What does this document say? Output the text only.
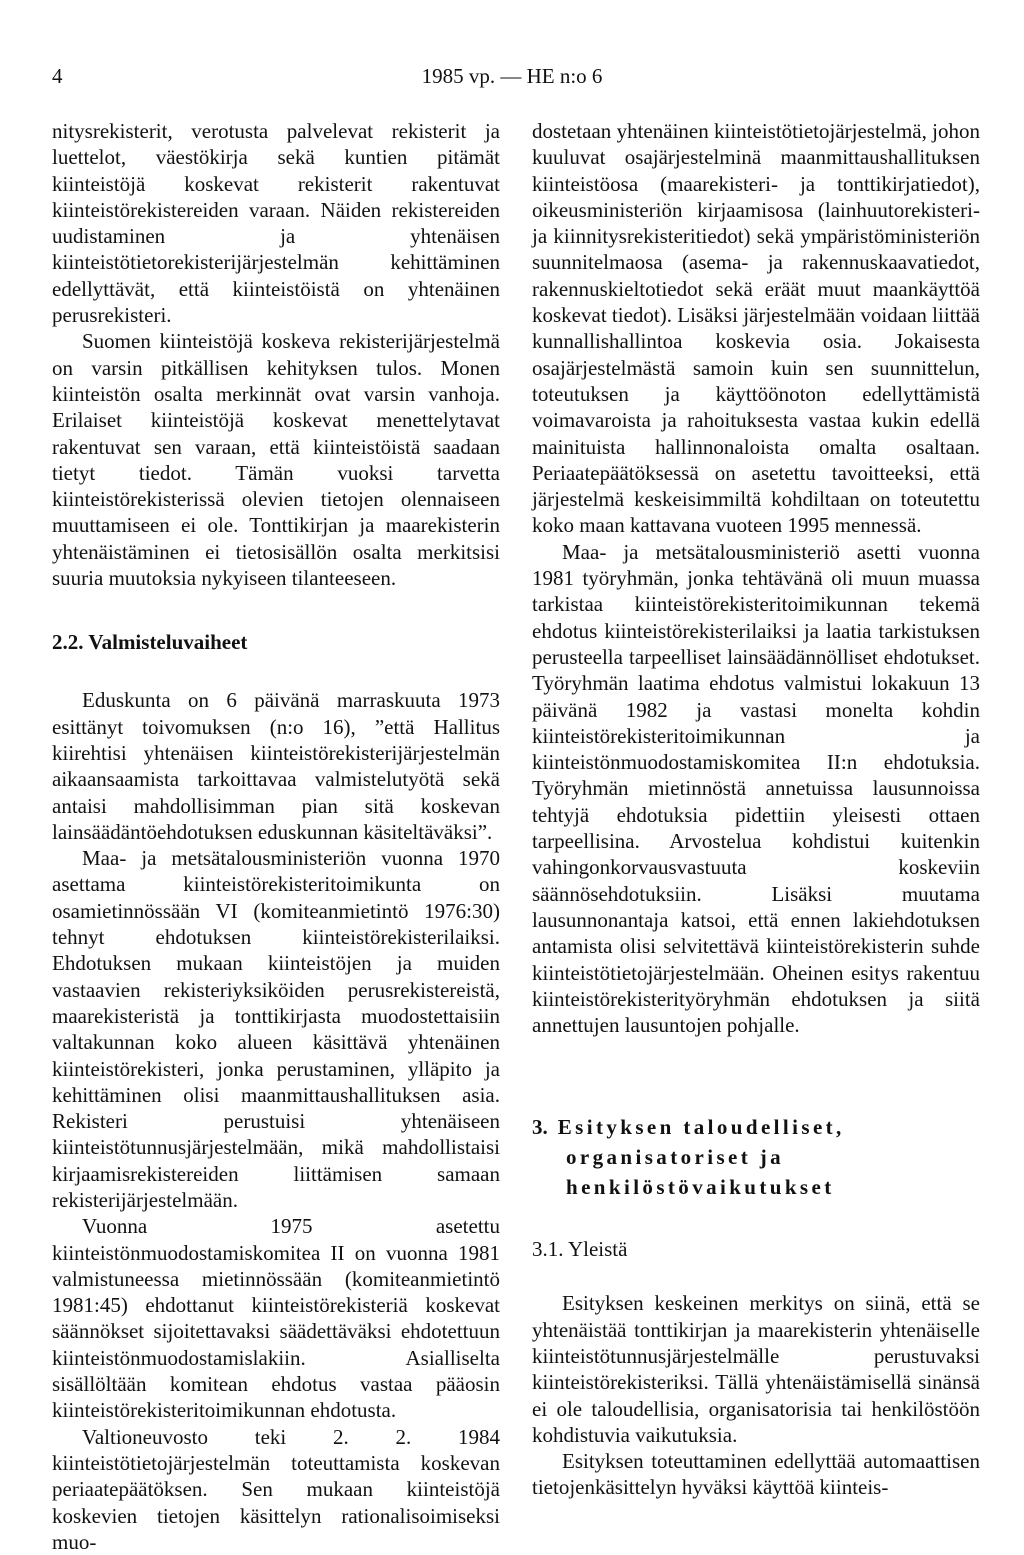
4	1985 vp. — HE n:o 6

nitysrekisterit, verotusta palvelevat rekisterit ja luettelot, väestökirja sekä kuntien pitämät kiinteistöjä koskevat rekisterit rakentuvat kiinteistörekistereiden varaan. Näiden rekistereiden uudistaminen ja yhtenäisen kiinteistötietorekisterijärjestelmän kehittäminen edellyttävät, että kiinteistöistä on yhtenäinen perusrekisteri.

Suomen kiinteistöjä koskeva rekisterijärjestelmä on varsin pitkällisen kehityksen tulos. Monen kiinteistön osalta merkinnät ovat varsin vanhoja. Erilaiset kiinteistöjä koskevat menettelytavat rakentuvat sen varaan, että kiinteistöistä saadaan tietyt tiedot. Tämän vuoksi tarvetta kiinteistörekisterissä olevien tietojen olennaiseen muuttamiseen ei ole. Tonttikirjan ja maarekisterin yhtenäistäminen ei tietosisällön osalta merkitsisi suuria muutoksia nykyiseen tilanteeseen.

2.2. Valmisteluvaiheet

Eduskunta on 6 päivänä marraskuuta 1973 esittänyt toivomuksen (n:o 16), ”että Hallitus kiirehtisi yhtenäisen kiinteistörekisterijärjestelmän aikaansaamista tarkoittavaa valmistelutyötä sekä antaisi mahdollisimman pian sitä koskevan lainsäädäntöehdotuksen eduskunnan käsiteltäväksi”.

Maa- ja metsätalousministeriön vuonna 1970 asettama kiinteistörekisteritoimikunta on osamietinnössään VI (komiteanmietintö 1976:30) tehnyt ehdotuksen kiinteistörekisterilaiksi. Ehdotuksen mukaan kiinteistöjen ja muiden vastaavien rekisteriyksiköiden perusrekistereistä, maarekisteristä ja tonttikirjasta muodostettaisiin valtakunnan koko alueen käsittävä yhtenäinen kiinteistörekisteri, jonka perustaminen, ylläpito ja kehittäminen olisi maanmittaushallituksen asia. Rekisteri perustuisi yhtenäiseen kiinteistötunnusjärjestelmään, mikä mahdollistaisi kirjaamisrekistereiden liittämisen samaan rekisterijärjestelmään.

Vuonna 1975 asetettu kiinteistönmuodostamiskomitea II on vuonna 1981 valmistuneessa mietinnössään (komiteanmietintö 1981:45) ehdottanut kiinteistörekisteriä koskevat säännökset sijoitettavaksi säädettäväksi ehdotettuun kiinteistönmuodostamislakiin. Asialliselta sisällöltään komitean ehdotus vastaa pääosin kiinteistörekisteritoimikunnan ehdotusta.

Valtioneuvosto teki 2. 2. 1984 kiinteistötietojärjestelmän toteuttamista koskevan periaatepäätöksen. Sen mukaan kiinteistöjä koskevien tietojen käsittelyn rationalisoimiseksi muo-

dostetaan yhtenäinen kiinteistötietojärjestelmä, johon kuuluvat osajärjestelminä maanmittaushallituksen kiinteistöosa (maarekisteri- ja tonttikirjatiedot), oikeusministeriön kirjaamisosa (lainhuutorekisteri- ja kiinnitysrekisteritiedot) sekä ympäristöministeriön suunnitelmaosa (asema- ja rakennuskaavatiedot, rakennuskieltotiedot sekä eräät muut maankäyttöä koskevat tiedot). Lisäksi järjestelmään voidaan liittää kunnallishallintoa koskevia osia. Jokaisesta osajärjestelmästä samoin kuin sen suunnittelun, toteutuksen ja käyttöönoton edellyttämistä voimavaroista ja rahoituksesta vastaa kukin edellä mainituista hallinnonaloista omalta osaltaan. Periaatepäätöksessä on asetettu tavoitteeksi, että järjestelmä keskeisimmiltä kohdiltaan on toteutettu koko maan kattavana vuoteen 1995 mennessä.

Maa- ja metsätalousministeriö asetti vuonna 1981 työryhmän, jonka tehtävänä oli muun muassa tarkistaa kiinteistörekisteritoimikunnan tekemä ehdotus kiinteistörekisterilaiksi ja laatia tarkistuksen perusteella tarpeelliset lainsäädännölliset ehdotukset. Työryhmän laatima ehdotus valmistui lokakuun 13 päivänä 1982 ja vastasi monelta kohdin kiinteistörekisteritoimikunnan ja kiinteistönmuodostamiskomitea II:n ehdotuksia. Työryhmän mietinnöstä annetuissa lausunnoissa tehtyjä ehdotuksia pidettiin yleisesti ottaen tarpeellisina. Arvostelua kohdistui kuitenkin vahingonkorvausvastuuta koskeviin säännösehdotuksiin. Lisäksi muutama lausunnonantaja katsoi, että ennen lakiehdotuksen antamista olisi selvitettävä kiinteistörekisterin suhde kiinteistötietojärjestelmään. Oheinen esitys rakentuu kiinteistörekisterityöryhmän ehdotuksen ja siitä annettujen lausuntojen pohjalle.

3. Esityksen taloudelliset,
organisatoriset ja
henkilöstövaikutukset
3.1. Yleistä

Esityksen keskeinen merkitys on siinä, että se yhtenäistää tonttikirjan ja maarekisterin yhtenäiselle kiinteistötunnusjärjestelmälle perustuvaksi kiinteistörekisteriksi. Tällä yhtenäistämisellä sinänsä ei ole taloudellisia, organisatorisia tai henkilöstöön kohdistuvia vaikutuksia.

Esityksen toteuttaminen edellyttää automaattisen tietojenkäsittelyn hyväksi käyttöä kiinteis-
